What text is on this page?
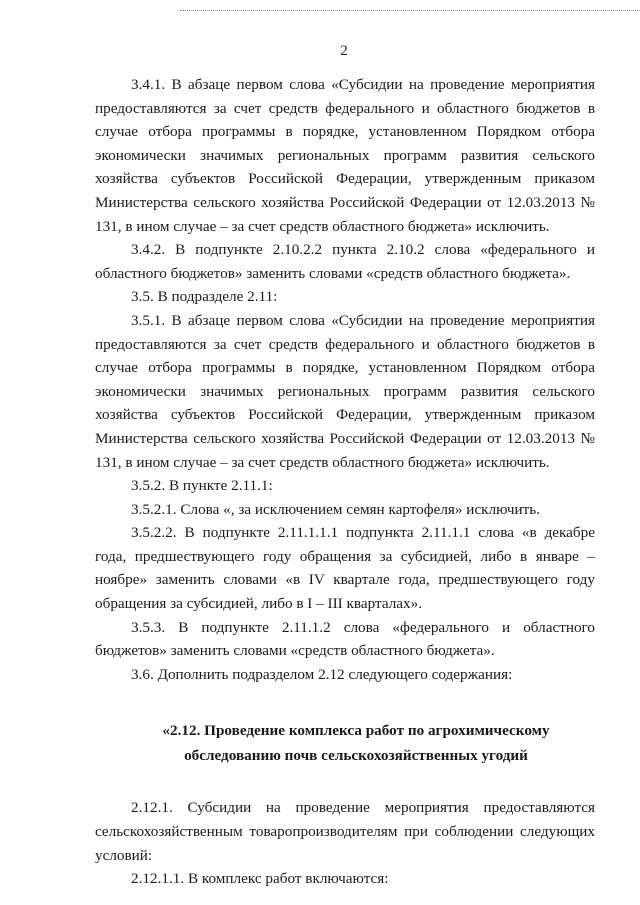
2

3.4.1. В абзаце первом слова «Субсидии на проведение мероприятия предоставляются за счет средств федерального и областного бюджетов в случае отбора программы в порядке, установленном Порядком отбора экономически значимых региональных программ развития сельского хозяйства субъектов Российской Федерации, утвержденным приказом Министерства сельского хозяйства Российской Федерации от 12.03.2013 № 131, в ином случае – за счет средств областного бюджета» исключить.

3.4.2. В подпункте 2.10.2.2 пункта 2.10.2 слова «федерального и областного бюджетов» заменить словами «средств областного бюджета».

3.5. В подразделе 2.11:

3.5.1. В абзаце первом слова «Субсидии на проведение мероприятия предоставляются за счет средств федерального и областного бюджетов в случае отбора программы в порядке, установленном Порядком отбора экономически значимых региональных программ развития сельского хозяйства субъектов Российской Федерации, утвержденным приказом Министерства сельского хозяйства Российской Федерации от 12.03.2013 № 131, в ином случае – за счет средств областного бюджета» исключить.

3.5.2. В пункте 2.11.1:

3.5.2.1. Слова «, за исключением семян картофеля» исключить.

3.5.2.2. В подпункте 2.11.1.1.1 подпункта 2.11.1.1 слова «в декабре года, предшествующего году обращения за субсидией, либо в январе – ноябре» заменить словами «в IV квартале года, предшествующего году обращения за субсидией, либо в I – III кварталах».

3.5.3. В подпункте 2.11.1.2 слова «федерального и областного бюджетов» заменить словами «средств областного бюджета».

3.6. Дополнить подразделом 2.12 следующего содержания:

«2.12. Проведение комплекса работ по агрохимическому обследованию почв сельскохозяйственных угодий

2.12.1. Субсидии на проведение мероприятия предоставляются сельскохозяйственным товаропроизводителям при соблюдении следующих условий:

2.12.1.1. В комплекс работ включаются:
